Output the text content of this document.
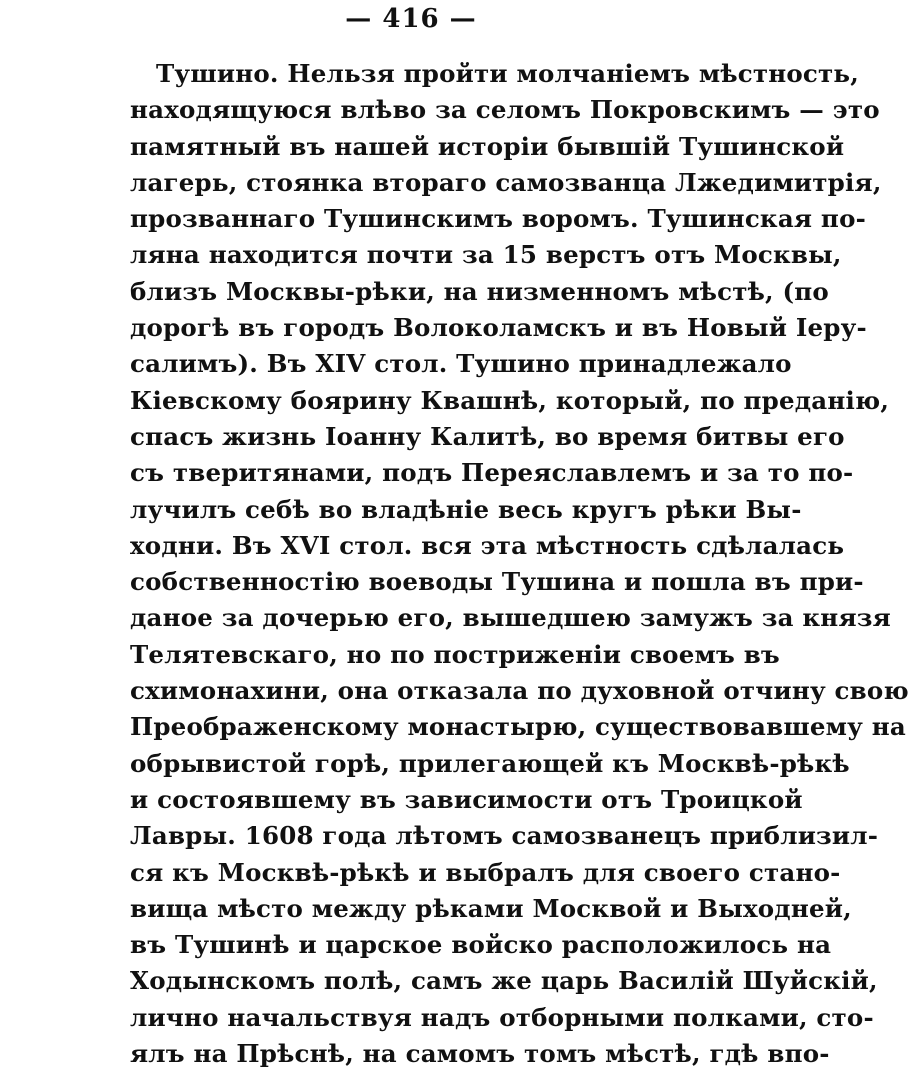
— 416 —
Тушино. Нельзя пройти молчанiемъ мѣстность,
находящуюся влѣво за селомъ Покровскимъ — это
памятный въ нашей исторiи бывшiй Тушинской
лагерь, стоянка втораго самозванца Лжедимитрiя,
прозваннаго Тушинскимъ воромъ. Тушинская по-
ляна находится почти за 15 верстъ отъ Москвы,
близъ Москвы-рѣки, на низменномъ мѣстѣ, (по
дорогѣ въ городъ Волоколамскъ и въ Новый Iеру-
салимъ). Въ XIV стол. Тушино принадлежало
Кiевскому боярину Квашнѣ, который, по преданiю,
спасъ жизнь Iоанну Калитѣ, во время битвы его
съ тверитянами, подъ Переяславлемъ и за то по-
лучилъ себѣ во владѣнiе весь кругъ рѣки Вы-
ходни. Въ XVI стол. вся эта мѣстность сдѣлалась
собственностiю воеводы Тушина и пошла въ при-
даное за дочерью его, вышедшею замужъ за князя
Телятевскаго, но по постриженiи своемъ въ
схимонахини, она отказала по духовной отчину свою
Преображенскому монастырю, существовавшему на
обрывистой горѣ, прилегающей къ Москвѣ-рѣкѣ
и состоявшему въ зависимости отъ Троицкой
Лавры. 1608 года лѣтомъ самозванецъ приблизил-
ся къ Москвѣ-рѣкѣ и выбралъ для своего стано-
вища мѣсто между рѣками Москвой и Выходней,
въ Тушинѣ и царское войско расположилось на
Ходынскомъ полѣ, самъ же царь Василiй Шуйскiй,
лично начальствуя надъ отборными полками, сто-
ялъ на Прѣснѣ, на самомъ томъ мѣстѣ, гдѣ впо-
